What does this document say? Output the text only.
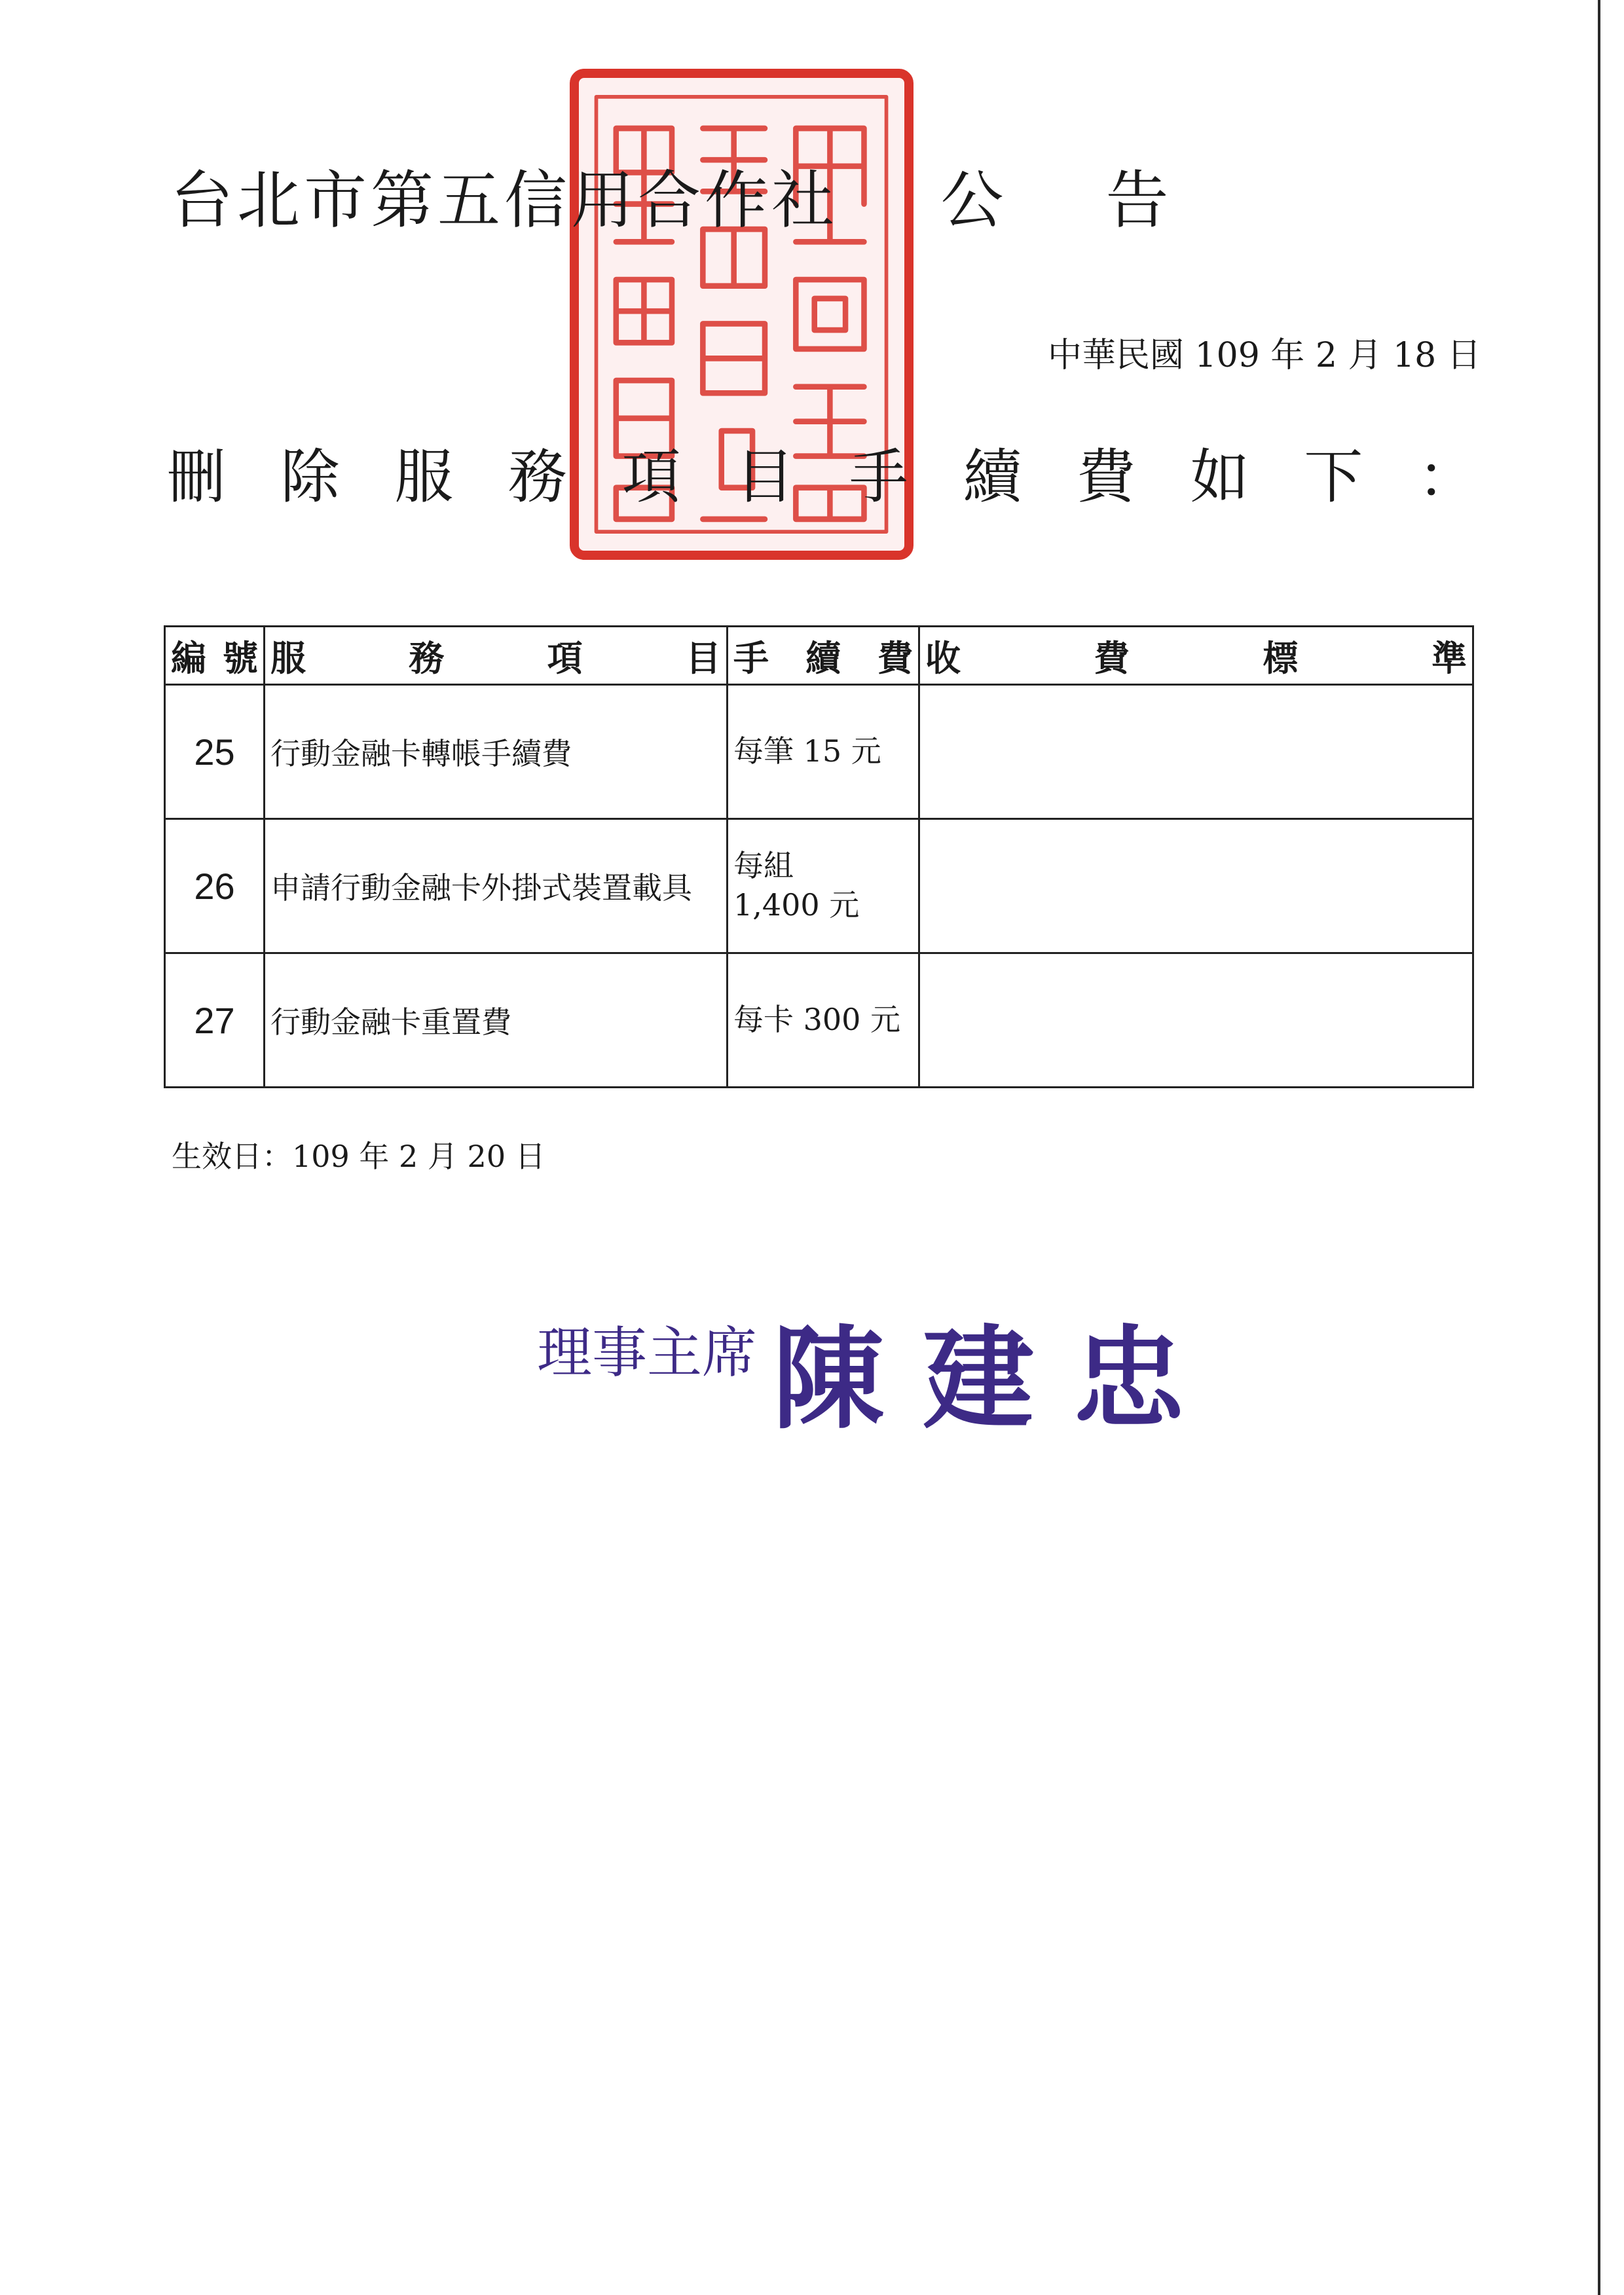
台北市第五信用合作社 公 告
中華民國 109 年 2 月 18 日
刪 除 服 務 項 目 手 續 費 如 下 ：
編 號	服 務 項 目	手 續 費	收 費 標 準

25	行動金融卡轉帳手續費	每筆 15 元	

26	申請行動金融卡外掛式裝置載具	每組
1,400 元	

27	行動金融卡重置費	每卡 300 元	

生效日：109 年 2 月 20 日
理事主席 陳 建 忠
